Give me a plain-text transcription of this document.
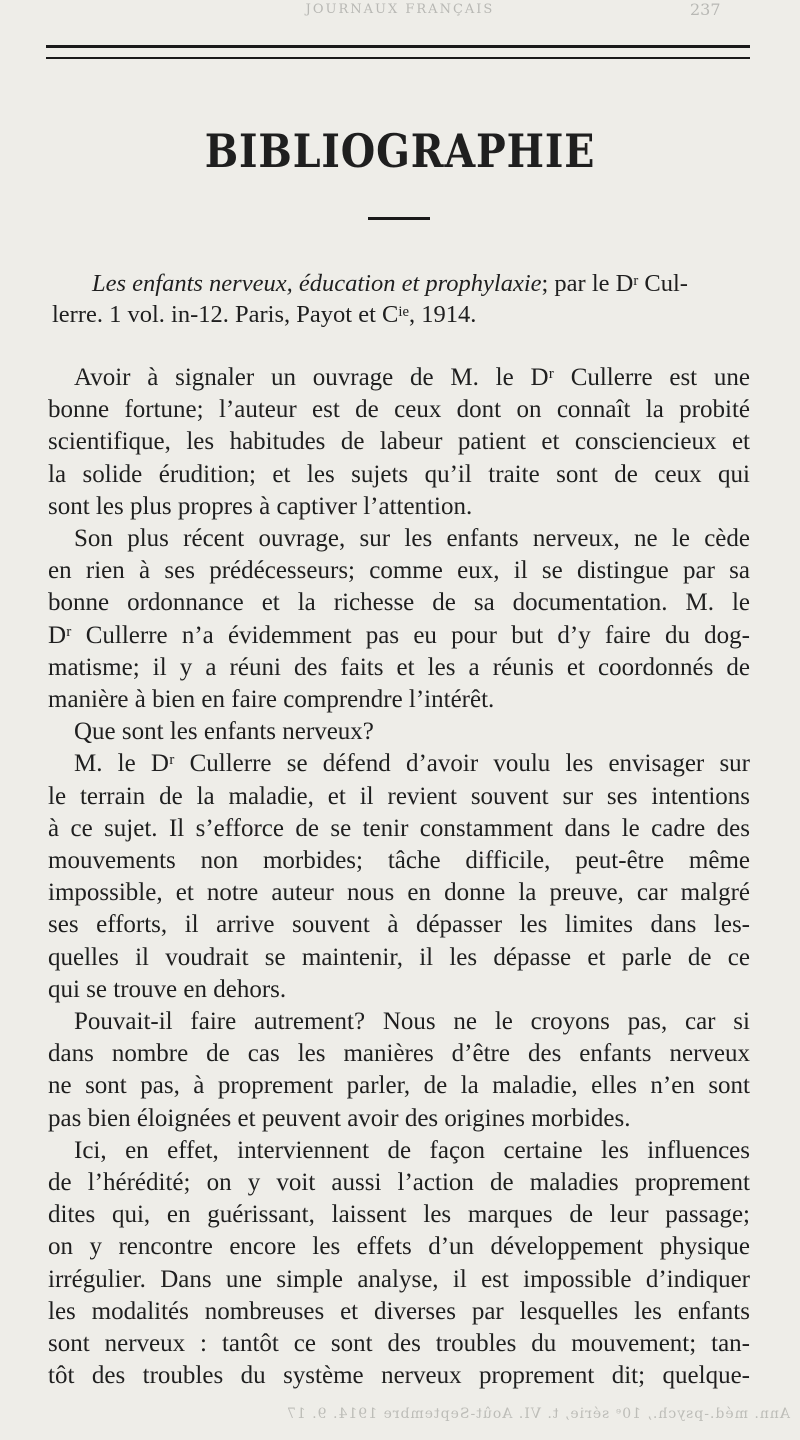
JOURNAUX FRANÇAIS	237
BIBLIOGRAPHIE
Les enfants nerveux, éducation et prophylaxie; par le $D^r$ Cul-
lerre. 1 vol. in-12. Paris, Payot et $C^{ie}$, 1914.
Avoir à signaler un ouvrage de M. le Dʳ Cullerre est une
bonne fortune; l’auteur est de ceux dont on connaît la probité
scientifique, les habitudes de labeur patient et consciencieux et
la solide érudition; et les sujets qu’il traite sont de ceux qui
sont les plus propres à captiver l’attention.
Son plus récent ouvrage, sur les enfants nerveux, ne le cède
en rien à ses prédécesseurs; comme eux, il se distingue par sa
bonne ordonnance et la richesse de sa documentation. M. le
Dʳ Cullerre n’a évidemment pas eu pour but d’y faire du dog-
matisme; il y a réuni des faits et les a réunis et coordonnés de
manière à bien en faire comprendre l’intérêt.
Que sont les enfants nerveux?
M. le Dʳ Cullerre se défend d’avoir voulu les envisager sur
le terrain de la maladie, et il revient souvent sur ses intentions
à ce sujet. Il s’efforce de se tenir constamment dans le cadre des
mouvements non morbides; tâche difficile, peut-être même
impossible, et notre auteur nous en donne la preuve, car malgré
ses efforts, il arrive souvent à dépasser les limites dans les-
quelles il voudrait se maintenir, il les dépasse et parle de ce
qui se trouve en dehors.
Pouvait-il faire autrement? Nous ne le croyons pas, car si
dans nombre de cas les manières d’être des enfants nerveux
ne sont pas, à proprement parler, de la maladie, elles n’en sont
pas bien éloignées et peuvent avoir des origines morbides.
Ici, en effet, interviennent de façon certaine les influences
de l’hérédité; on y voit aussi l’action de maladies proprement
dites qui, en guérissant, laissent les marques de leur passage;
on y rencontre encore les effets d’un développement physique
irrégulier. Dans une simple analyse, il est impossible d’indiquer
les modalités nombreuses et diverses par lesquelles les enfants
sont nerveux : tantôt ce sont des troubles du mouvement; tan-
tôt des troubles du système nerveux proprement dit; quelque-
Ann. méd.-psych., 10ᵉ série, t. VI. Août-Septembre 1914. 9. 17
